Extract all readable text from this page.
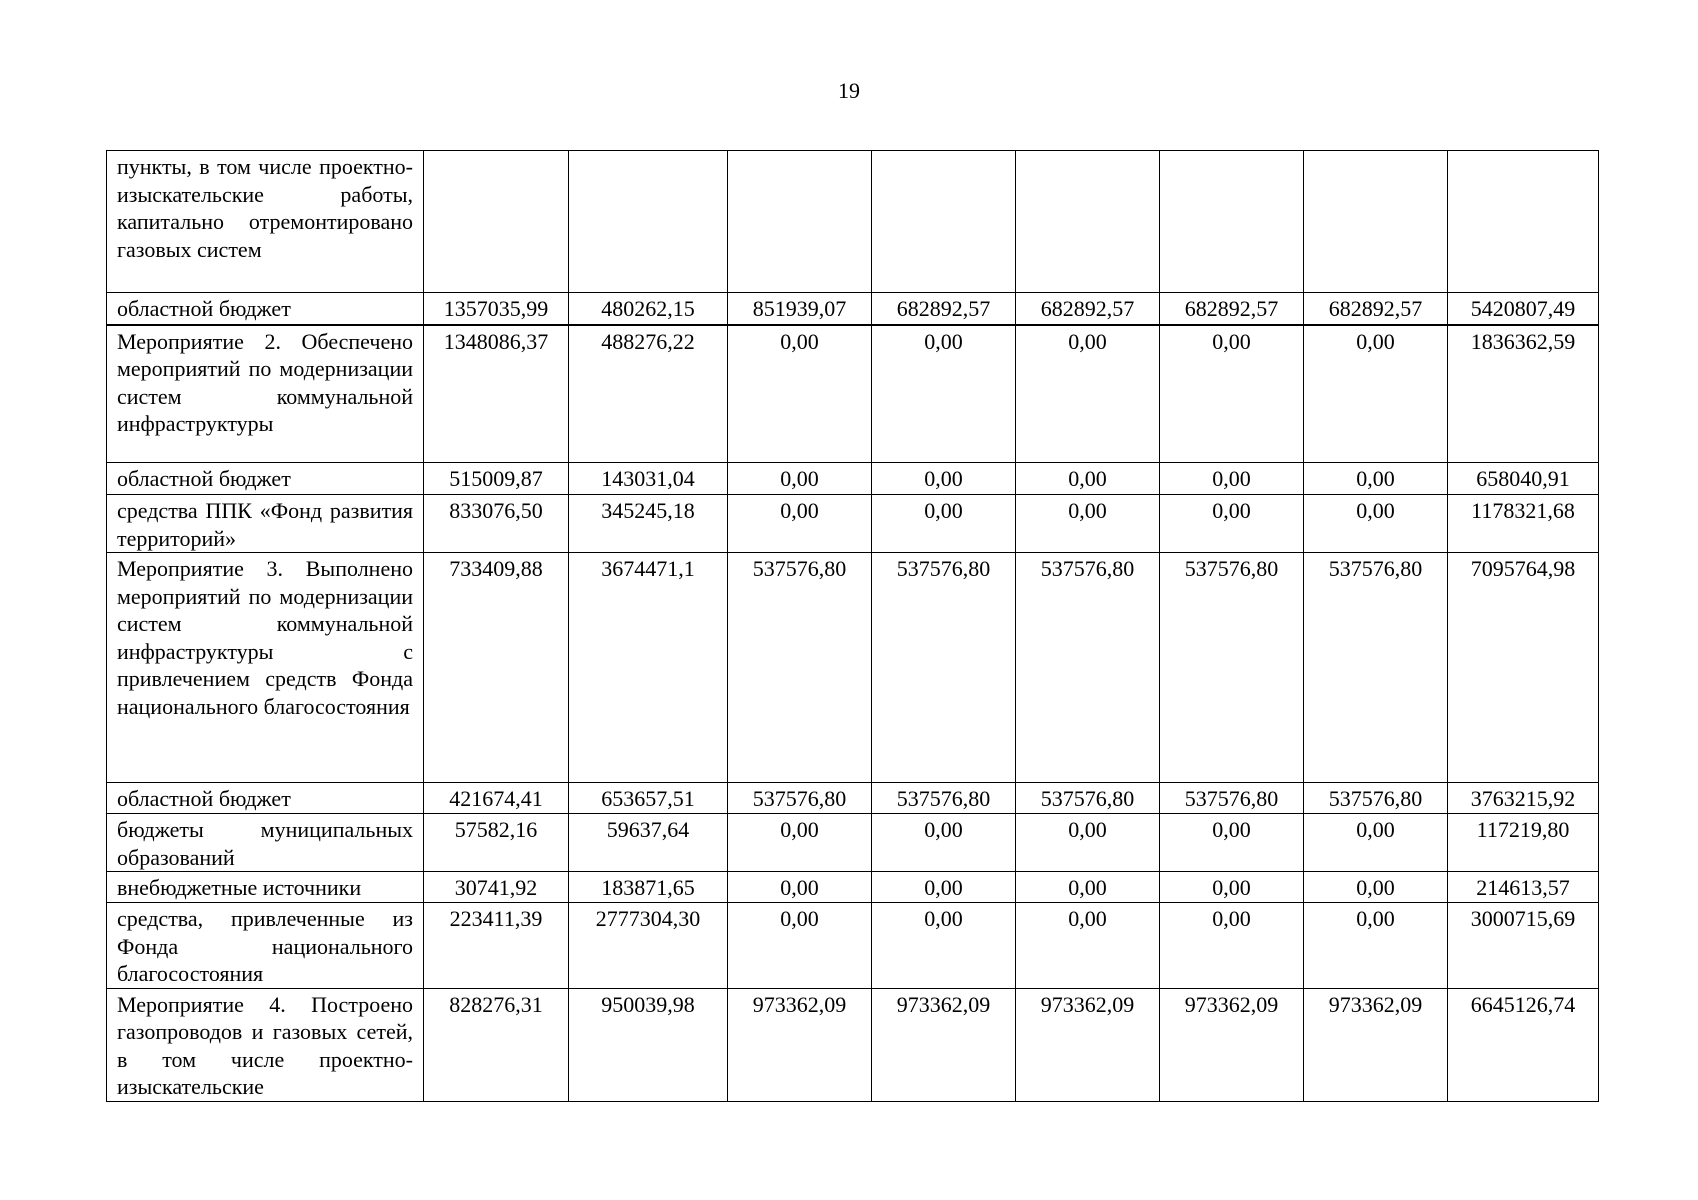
19
пункты, в том числе проектно-изыскательские работы, капитально отремонтировано газовых систем								
областной бюджет	1357035,99	480262,15	851939,07	682892,57	682892,57	682892,57	682892,57	5420807,49
Мероприятие 2. Обеспечено мероприятий по модернизации систем коммунальной инфраструктуры	1348086,37	488276,22	0,00	0,00	0,00	0,00	0,00	1836362,59
областной бюджет	515009,87	143031,04	0,00	0,00	0,00	0,00	0,00	658040,91
средства ППК «Фонд развития территорий»	833076,50	345245,18	0,00	0,00	0,00	0,00	0,00	1178321,68
Мероприятие 3. Выполнено мероприятий по модернизации систем коммунальной инфраструктуры с привлечением средств Фонда национального благосостояния	733409,88	3674471,1	537576,80	537576,80	537576,80	537576,80	537576,80	7095764,98
областной бюджет	421674,41	653657,51	537576,80	537576,80	537576,80	537576,80	537576,80	3763215,92
бюджеты муниципальных образований	57582,16	59637,64	0,00	0,00	0,00	0,00	0,00	117219,80
внебюджетные источники	30741,92	183871,65	0,00	0,00	0,00	0,00	0,00	214613,57
средства, привлеченные из Фонда национального благосостояния	223411,39	2777304,30	0,00	0,00	0,00	0,00	0,00	3000715,69
Мероприятие 4. Построено газопроводов и газовых сетей, в том числе проектно-изыскательские	828276,31	950039,98	973362,09	973362,09	973362,09	973362,09	973362,09	6645126,74
